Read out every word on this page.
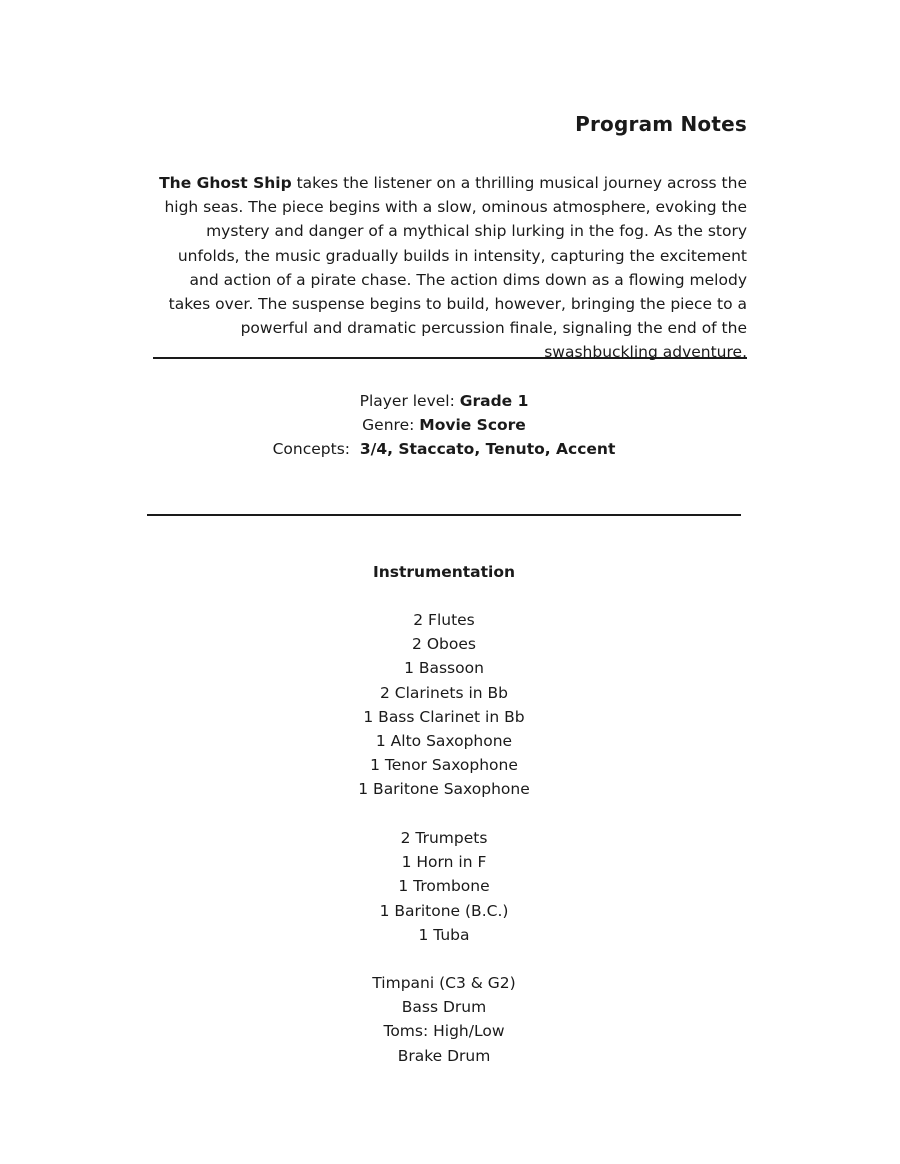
Program Notes

The Ghost Ship takes the listener on a thrilling musical journey across the high seas. The piece begins with a slow, ominous atmosphere, evoking the mystery and danger of a mythical ship lurking in the fog. As the story unfolds, the music gradually builds in intensity, capturing the excitement and action of a pirate chase. The action dims down as a flowing melody takes over. The suspense begins to build, however, bringing the piece to a powerful and dramatic percussion finale, signaling the end of the swashbuckling adventure.

Player level: Grade 1
Genre: Movie Score
Concepts:  3/4, Staccato, Tenuto, Accent
Instrumentation
2 Flutes
2 Oboes
1 Bassoon
2 Clarinets in Bb
1 Bass Clarinet in Bb
1 Alto Saxophone
1 Tenor Saxophone
1 Baritone Saxophone
2 Trumpets
1 Horn in F
1 Trombone
1 Baritone (B.C.)
1 Tuba
Timpani (C3 & G2)
Bass Drum
Toms: High/Low
Brake Drum
